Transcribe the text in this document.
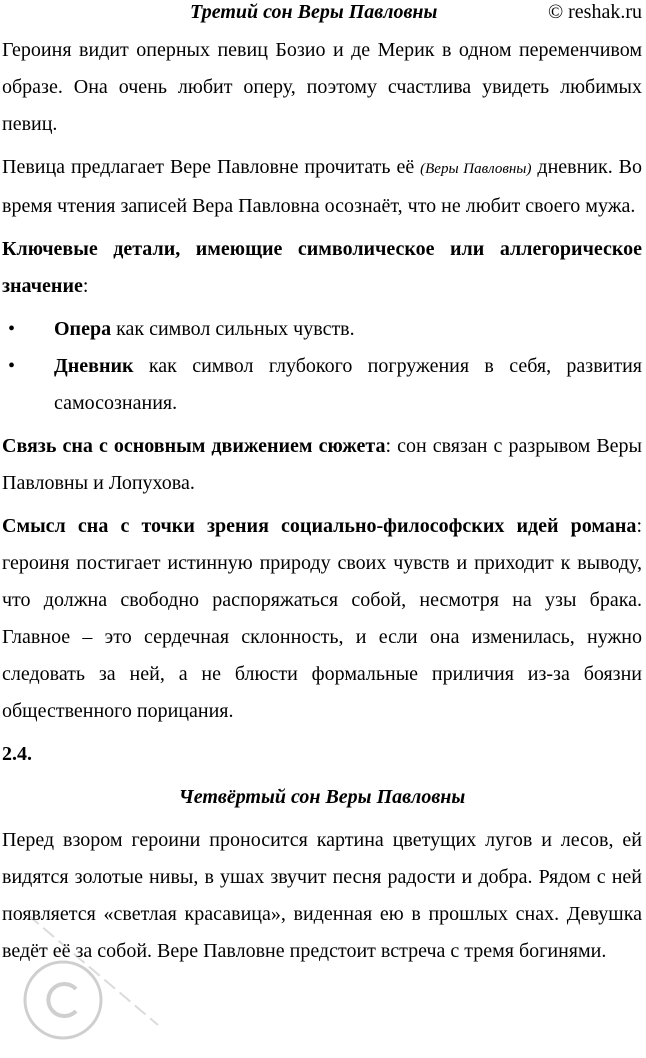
Третий сон Веры Павловны	© reshak.ru
Героиня видит оперных певиц Бозио и де Мерик в одном переменчивом образе. Она очень любит оперу, поэтому счастлива увидеть любимых певиц.
Певица предлагает Вере Павловне прочитать её (Веры Павловны) дневник. Во время чтения записей Вера Павловна осознаёт, что не любит своего мужа.
Ключевые детали, имеющие символическое или аллегорическое значение:
• Опера как символ сильных чувств.
• Дневник как символ глубокого погружения в себя, развития самосознания.
Связь сна с основным движением сюжета: сон связан с разрывом Веры Павловны и Лопухова.
Смысл сна с точки зрения социально-философских идей романа: героиня постигает истинную природу своих чувств и приходит к выводу, что должна свободно распоряжаться собой, несмотря на узы брака. Главное – это сердечная склонность, и если она изменилась, нужно следовать за ней, а не блюсти формальные приличия из-за боязни общественного порицания.
2.4.
Четвёртый сон Веры Павловны
Перед взором героини проносится картина цветущих лугов и лесов, ей видятся золотые нивы, в ушах звучит песня радости и добра. Рядом с ней появляется «светлая красавица», виденная ею в прошлых снах. Девушка ведёт её за собой. Вере Павловне предстоит встреча с тремя богинями.
